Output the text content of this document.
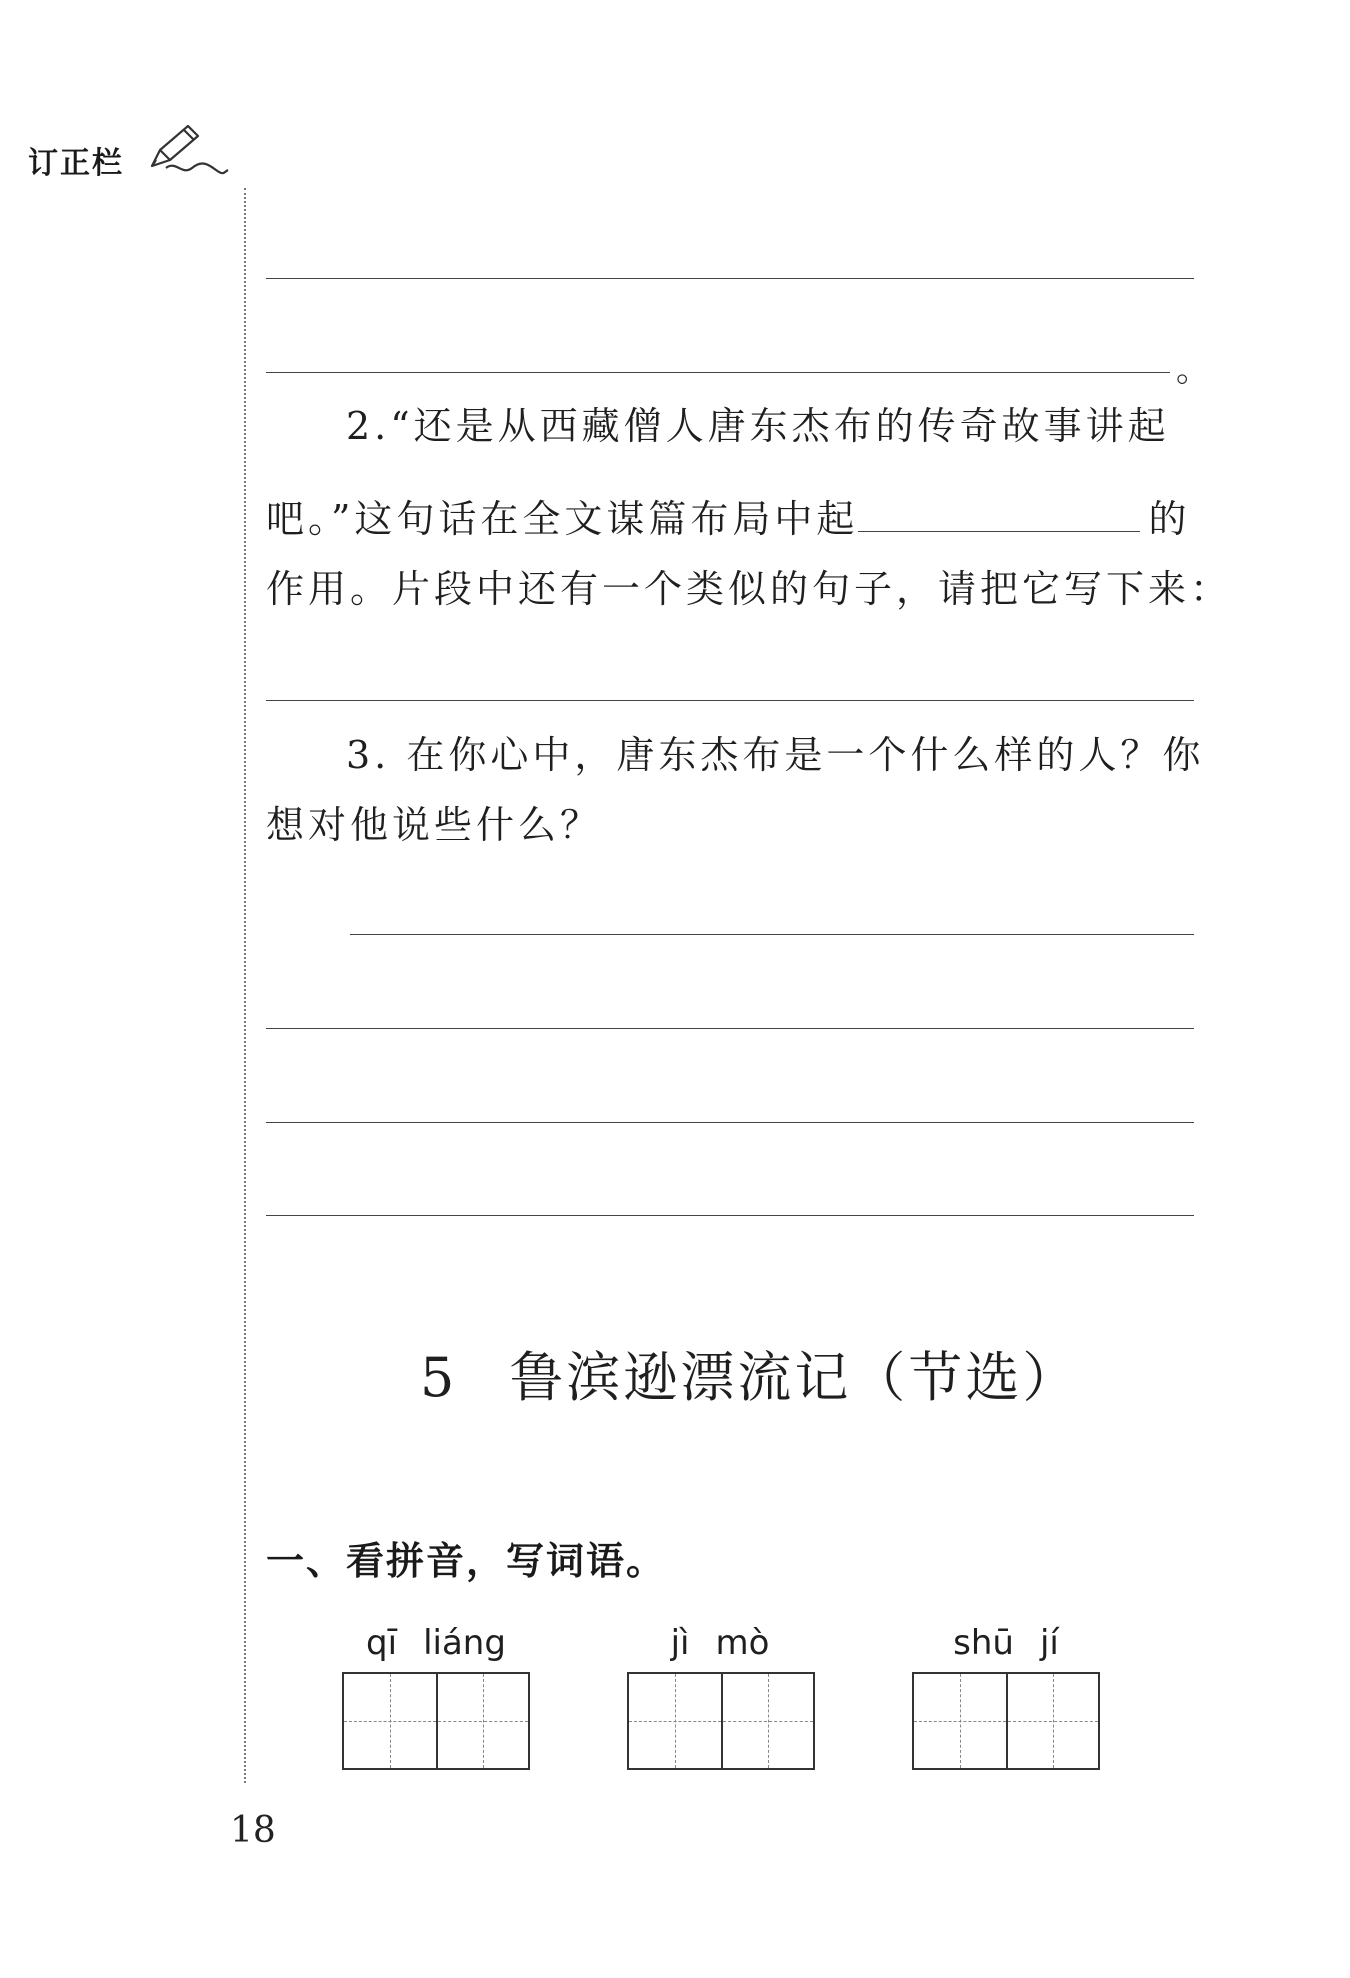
订正栏
。
2.“还是从西藏僧人唐东杰布的传奇故事讲起
吧。”这句话在全文谋篇布局中起	的
作用。片段中还有一个类似的句子，请把它写下来：
3. 在你心中，唐东杰布是一个什么样的人？你
想对他说些什么？
5 鲁滨逊漂流记（节选）
一、看拼音，写词语。
qī liáng	jì mò	shū jí
18
